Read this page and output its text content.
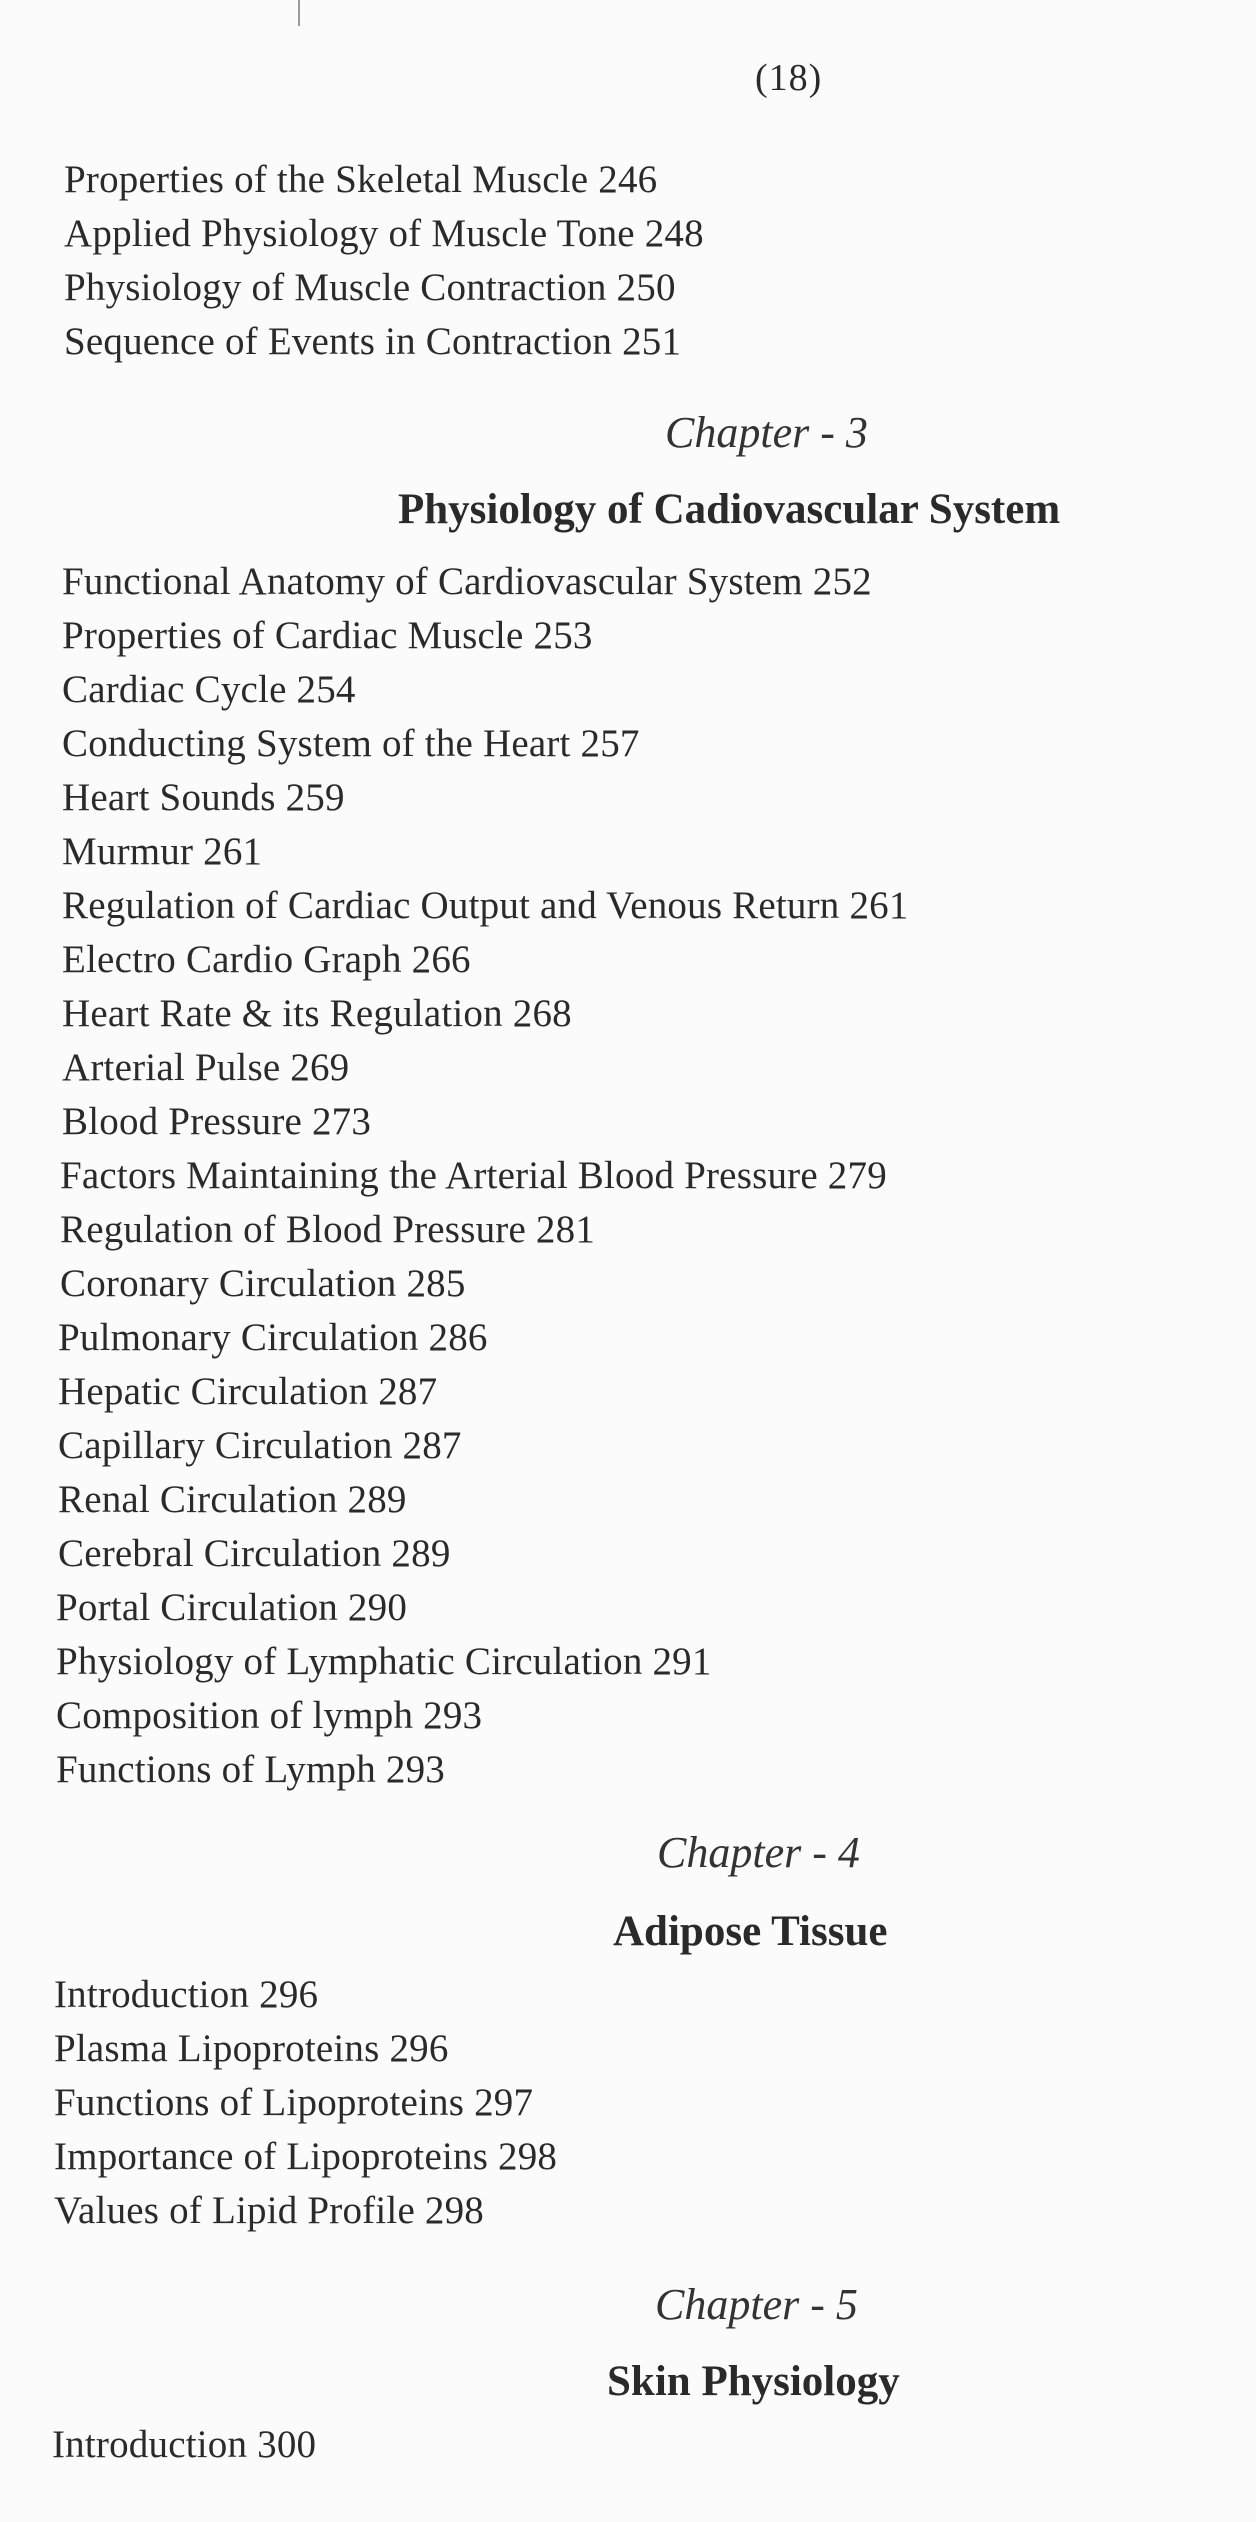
(18)
Properties of the Skeletal Muscle 246
Applied Physiology of Muscle Tone 248
Physiology of Muscle Contraction 250
Sequence of Events in Contraction 251
Chapter - 3
Physiology of Cadiovascular System
Functional Anatomy of Cardiovascular System 252
Properties of Cardiac Muscle 253
Cardiac Cycle 254
Conducting System of the Heart 257
Heart Sounds 259
Murmur 261
Regulation of Cardiac Output and Venous Return 261
Electro Cardio Graph 266
Heart Rate & its Regulation 268
Arterial Pulse 269
Blood Pressure 273
Factors Maintaining the Arterial Blood Pressure 279
Regulation of Blood Pressure 281
Coronary Circulation 285
Pulmonary Circulation 286
Hepatic Circulation 287
Capillary Circulation 287
Renal Circulation 289
Cerebral Circulation 289
Portal Circulation 290
Physiology of Lymphatic Circulation 291
Composition of lymph 293
Functions of Lymph 293
Chapter - 4
Adipose Tissue
Introduction 296
Plasma Lipoproteins 296
Functions of Lipoproteins 297
Importance of Lipoproteins 298
Values of Lipid Profile 298
Chapter - 5
Skin Physiology
Introduction 300
